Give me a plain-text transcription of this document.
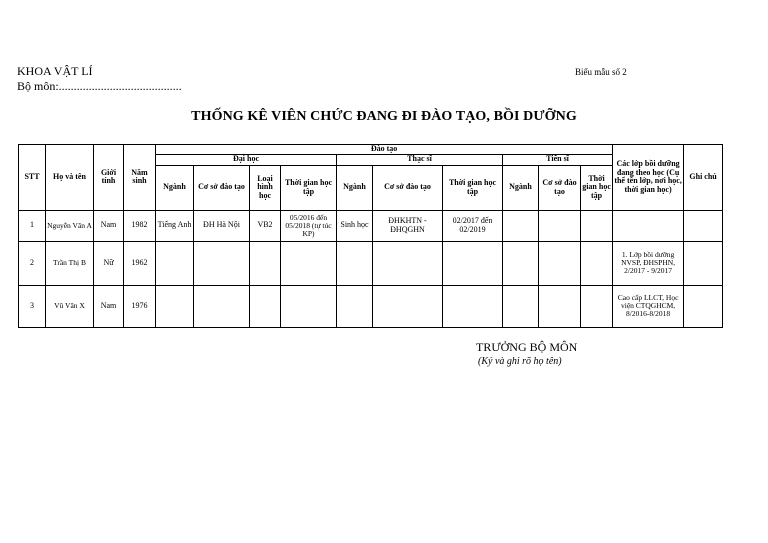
KHOA VẬT LÍ
Bộ môn:.........................................
Biểu mẫu số 2
THỐNG KÊ VIÊN CHỨC ĐANG ĐI ĐÀO TẠO, BỒI DƯỠNG
STT	Họ và tên	Giới tính	Năm sinh	Đào tạo										Các lớp bồi dưỡng đang theo học (Cụ thể tên lớp, nơi học, thời gian học)	Ghi chú
				Đại học				Thạc sĩ			Tiến sĩ				
				Ngành	Cơ sở đào tạo	Loại hình học	Thời gian học tập	Ngành	Cơ sở đào tạo	Thời gian học tập	Ngành	Cơ sở đào tạo	Thời gian học tập		
1	Nguyễn Văn A	Nam	1982	Tiếng Anh	ĐH Hà Nội	VB2	05/2016 đến 05/2018 (tự túc KP)	Sinh học	ĐHKHTN - ĐHQGHN	02/2017 đến 02/2019					
2	Trần Thị B	Nữ	1962											1. Lớp bồi dưỡng NVSP, ĐHSPHN, 2/2017 - 9/2017	
3	Vũ Văn X	Nam	1976											Cao cấp LLCT, Học viện CTQGHCM, 8/2016-8/2018	
TRƯỞNG BỘ MÔN
(Ký và ghi rõ họ tên)
